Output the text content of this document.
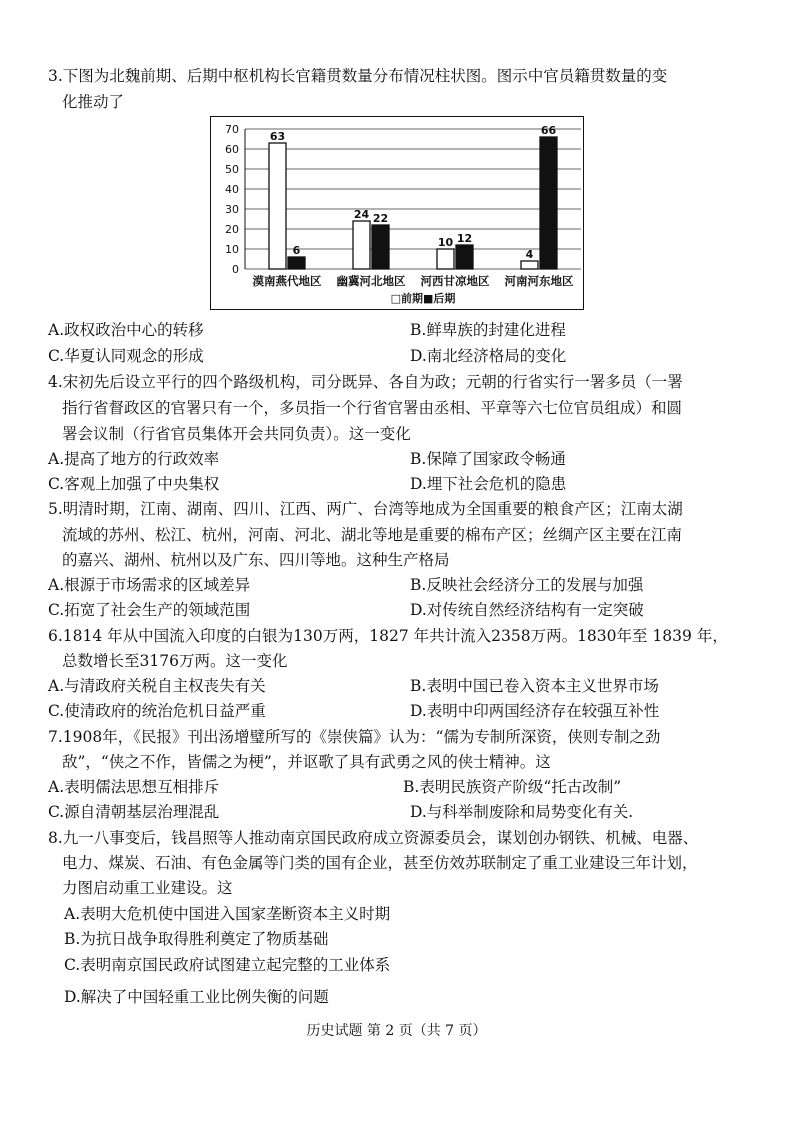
3.下图为北魏前期、后期中枢机构长官籍贯数量分布情况柱状图。图示中官员籍贯数量的变
化推动了
0
10
20
30
40
50
60
70
63
6
漠南燕代地区
24 22
幽冀河北地区
10 12
河西甘凉地区
4
66
河南河东地区
□前期■后期
A.政权政治中心的转移	B.鲜卑族的封建化进程
C.华夏认同观念的形成	D.南北经济格局的变化
4.宋初先后设立平行的四个路级机构，司分既异、各自为政；元朝的行省实行一署多员（一署
指行省督政区的官署只有一个，多员指一个行省官署由丞相、平章等六七位官员组成）和圆
署会议制（行省官员集体开会共同负责）。这一变化
A.提高了地方的行政效率	B.保障了国家政令畅通
C.客观上加强了中央集权	D.埋下社会危机的隐患
5.明清时期，江南、湖南、四川、江西、两广、台湾等地成为全国重要的粮食产区；江南太湖
流域的苏州、松江、杭州，河南、河北、湖北等地是重要的棉布产区；丝绸产区主要在江南
的嘉兴、湖州、杭州以及广东、四川等地。这种生产格局
A.根源于市场需求的区域差异	B.反映社会经济分工的发展与加强
C.拓宽了社会生产的领域范围	D.对传统自然经济结构有一定突破
6.1814 年从中国流入印度的白银为130万两，1827 年共计流入2358万两。1830年至 1839 年，
总数增长至3176万两。这一变化
A.与清政府关税自主权丧失有关	B.表明中国已卷入资本主义世界市场
C.使清政府的统治危机日益严重	D.表明中印两国经济存在较强互补性
7.1908年，《民报》刊出汤增璧所写的《崇侠篇》认为：“儒为专制所深资，侠则专制之劲
敌”，“侠之不作，皆儒之为梗”，并讴歌了具有武勇之风的侠士精神。这
A.表明儒法思想互相排斥	B.表明民族资产阶级“托古改制”
C.源自清朝基层治理混乱	D.与科举制废除和局势变化有关.
8.九一八事变后，钱昌照等人推动南京国民政府成立资源委员会，谋划创办钢铁、机械、电器、
电力、煤炭、石油、有色金属等门类的国有企业，甚至仿效苏联制定了重工业建设三年计划，
力图启动重工业建设。这
A.表明大危机使中国进入国家垄断资本主义时期
B.为抗日战争取得胜利奠定了物质基础
C.表明南京国民政府试图建立起完整的工业体系
D.解决了中国轻重工业比例失衡的问题
历史试题 第 2 页（共 7 页）
